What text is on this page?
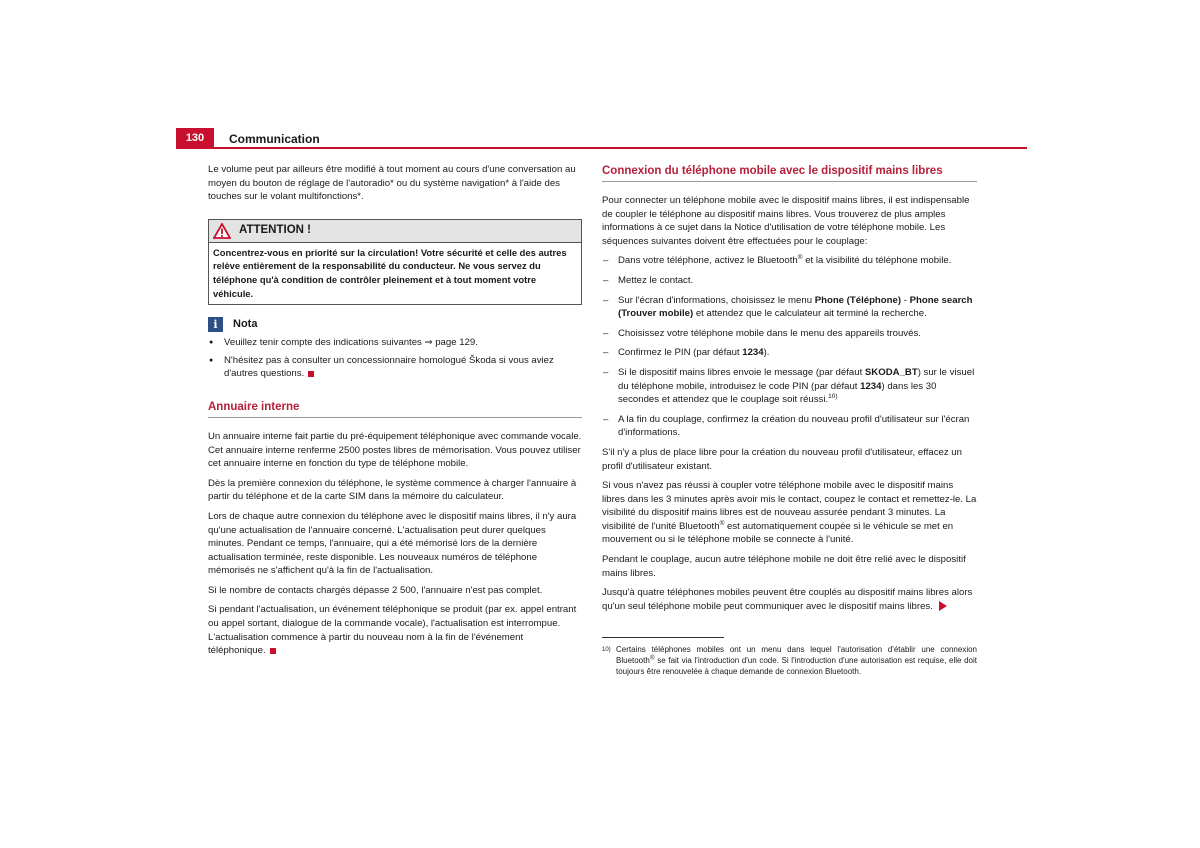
130	Communication

Le volume peut par ailleurs être modifié à tout moment au cours d'une conversation au moyen du bouton de réglage de l'autoradio* ou du système navigation* à l'aide des touches sur le volant multifonctions*.

ATTENTION !
Concentrez-vous en priorité sur la circulation! Votre sécurité et celle des autres relève entièrement de la responsabilité du conducteur. Ne vous servez du téléphone qu'à condition de contrôler pleinement et à tout moment votre véhicule.
i	Nota
● Veuillez tenir compte des indications suivantes ⇒ page 129.
● N'hésitez pas à consulter un concessionnaire homologué Škoda si vous aviez d'autres questions.
Annuaire interne

Un annuaire interne fait partie du pré-équipement téléphonique avec commande vocale. Cet annuaire interne renferme 2500 postes libres de mémorisation. Vous pouvez utiliser cet annuaire interne en fonction du type de téléphone mobile.

Dès la première connexion du téléphone, le système commence à charger l'annuaire à partir du téléphone et de la carte SIM dans la mémoire du calculateur.

Lors de chaque autre connexion du téléphone avec le dispositif mains libres, il n'y aura qu'une actualisation de l'annuaire concerné. L'actualisation peut durer quelques minutes. Pendant ce temps, l'annuaire, qui a été mémorisé lors de la dernière actualisation terminée, reste disponible. Les nouveaux numéros de téléphone mémorisés ne s'affichent qu'à la fin de l'actualisation.

Si le nombre de contacts chargés dépasse 2 500, l'annuaire n'est pas complet.

Si pendant l'actualisation, un événement téléphonique se produit (par ex. appel entrant ou appel sortant, dialogue de la commande vocale), l'actualisation est interrompue. L'actualisation commence à partir du nouveau nom à la fin de l'événement téléphonique.

Connexion du téléphone mobile avec le dispositif mains libres

Pour connecter un téléphone mobile avec le dispositif mains libres, il est indispensable de coupler le téléphone au dispositif mains libres. Vous trouverez de plus amples informations à ce sujet dans la Notice d'utilisation de votre téléphone mobile. Les séquences suivantes doivent être effectuées pour le couplage:

– Dans votre téléphone, activez le Bluetooth® et la visibilité du téléphone mobile.
– Mettez le contact.
– Sur l'écran d'informations, choisissez le menu Phone (Téléphone) - Phone search (Trouver mobile) et attendez que le calculateur ait terminé la recherche.
– Choisissez votre téléphone mobile dans le menu des appareils trouvés.
– Confirmez le PIN (par défaut 1234).
– Si le dispositif mains libres envoie le message (par défaut SKODA_BT) sur le visuel du téléphone mobile, introduisez le code PIN (par défaut 1234) dans les 30 secondes et attendez que le couplage soit réussi.$^{10)}$
– A la fin du couplage, confirmez la création du nouveau profil d'utilisateur sur l'écran d'informations.

S'il n'y a plus de place libre pour la création du nouveau profil d'utilisateur, effacez un profil d'utilisateur existant.

Si vous n'avez pas réussi à coupler votre téléphone mobile avec le dispositif mains libres dans les 3 minutes après avoir mis le contact, coupez le contact et remettez-le. La visibilité du dispositif mains libres est de nouveau assurée pendant 3 minutes. La visibilité de l'unité Bluetooth® est automatiquement coupée si le véhicule se met en mouvement ou si le téléphone mobile se connecte à l'unité.

Pendant le couplage, aucun autre téléphone mobile ne doit être relié avec le dispositif mains libres.

Jusqu'à quatre téléphones mobiles peuvent être couplés au dispositif mains libres alors qu'un seul téléphone mobile peut communiquer avec le dispositif mains libres.

10) Certains téléphones mobiles ont un menu dans lequel l'autorisation d'établir une connexion Bluetooth® se fait via l'introduction d'un code. Si l'introduction d'une autorisation est requise, elle doit toujours être renouvelée à chaque demande de connexion Bluetooth.
